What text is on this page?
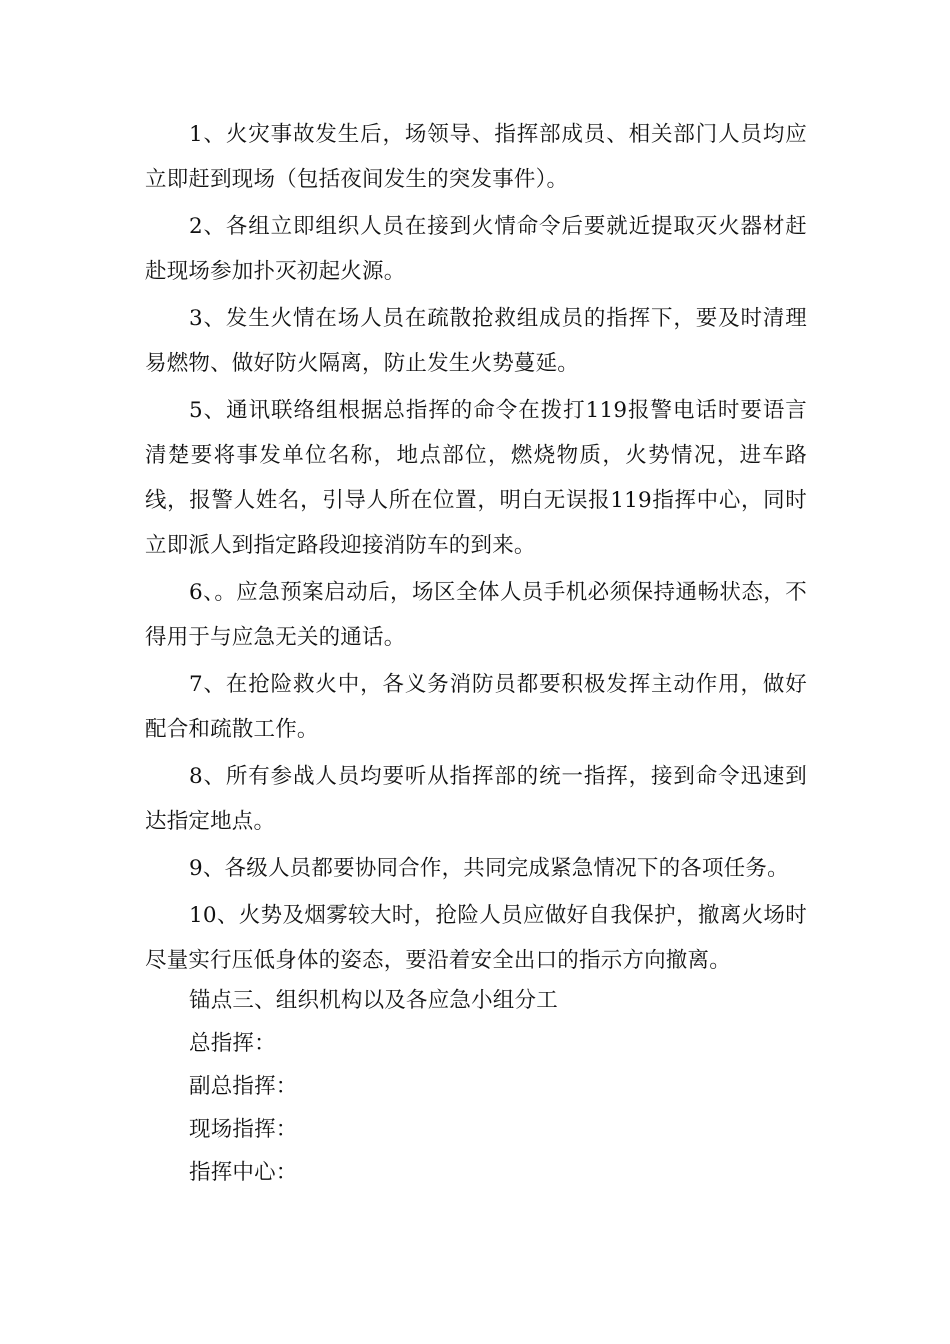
1、火灾事故发生后，场领导、指挥部成员、相关部门人员均应立即赶到现场（包括夜间发生的突发事件）。

2、各组立即组织人员在接到火情命令后要就近提取灭火器材赶赴现场参加扑灭初起火源。

3、发生火情在场人员在疏散抢救组成员的指挥下，要及时清理易燃物、做好防火隔离，防止发生火势蔓延。

5、通讯联络组根据总指挥的命令在拨打119报警电话时要语言清楚要将事发单位名称，地点部位，燃烧物质，火势情况，进车路线，报警人姓名，引导人所在位置，明白无误报119指挥中心，同时立即派人到指定路段迎接消防车的到来。

6、。应急预案启动后，场区全体人员手机必须保持通畅状态，不得用于与应急无关的通话。

7、在抢险救火中，各义务消防员都要积极发挥主动作用，做好配合和疏散工作。

8、所有参战人员均要听从指挥部的统一指挥，接到命令迅速到达指定地点。

9、各级人员都要协同合作，共同完成紧急情况下的各项任务。

10、火势及烟雾较大时，抢险人员应做好自我保护，撤离火场时尽量实行压低身体的姿态，要沿着安全出口的指示方向撤离。

锚点三、组织机构以及各应急小组分工

总指挥：

副总指挥：

现场指挥：

指挥中心：
